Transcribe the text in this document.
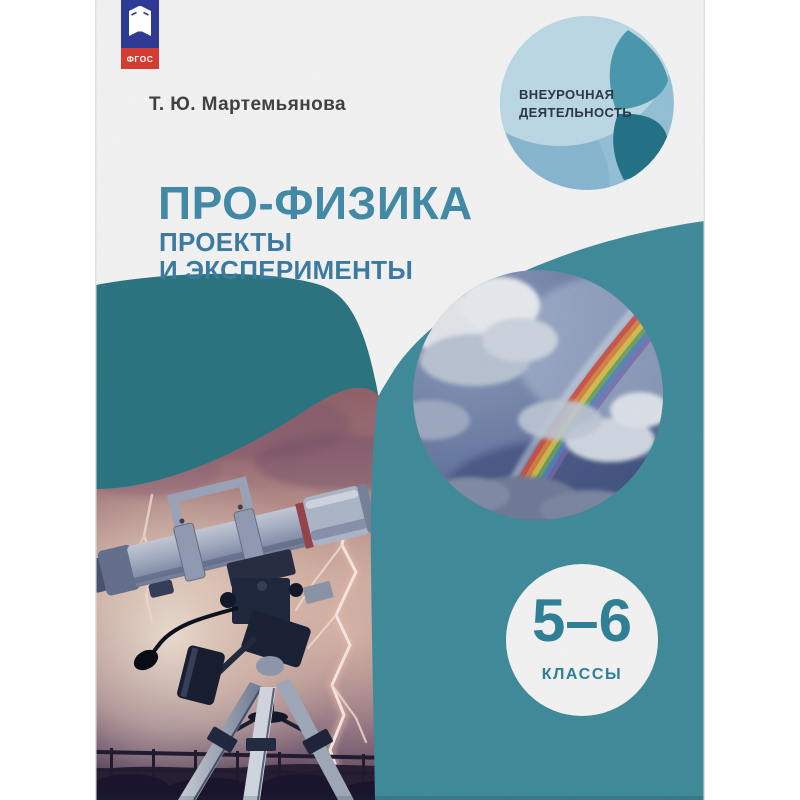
ФГОС
Т. Ю. Мартемьянова
ПРО-ФИЗИКА
ПРОЕКТЫ
И ЭКСПЕРИМЕНТЫ
ВНЕУРОЧНАЯ
ДЕЯТЕЛЬНОСТЬ
5–6
КЛАССЫ
